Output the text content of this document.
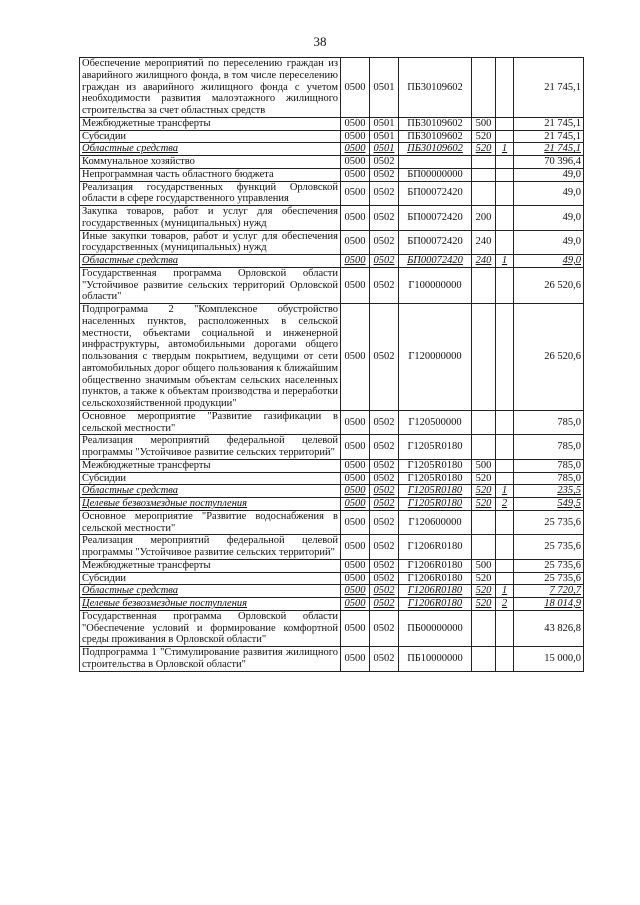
38
Обеспечение мероприятий по переселению граждан из аварийного жилищного фонда, в том числе переселению граждан из аварийного жилищного фонда с учетом необходимости развития малоэтажного жилищного строительства за счет областных средств	0500	0501	ПБ30109602			21 745,1
Межбюджетные трансферты	0500	0501	ПБ30109602	500		21 745,1
Субсидии	0500	0501	ПБ30109602	520		21 745,1
Областные средства	0500	0501	ПБ30109602	520	1	21 745,1
Коммунальное хозяйство	0500	0502				70 396,4
Непрограммная часть областного бюджета	0500	0502	БП00000000			49,0
Реализация государственных функций Орловской области в сфере государственного управления	0500	0502	БП00072420			49,0
Закупка товаров, работ и услуг для обеспечения государственных (муниципальных) нужд	0500	0502	БП00072420	200		49,0
Иные закупки товаров, работ и услуг для обеспечения государственных (муниципальных) нужд	0500	0502	БП00072420	240		49,0
Областные средства	0500	0502	БП00072420	240	1	49,0
Государственная программа Орловской области "Устойчивое развитие сельских территорий Орловской области"	0500	0502	Г100000000			26 520,6
Подпрограмма 2 "Комплексное обустройство населенных пунктов, расположенных в сельской местности, объектами социальной и инженерной инфраструктуры, автомобильными дорогами общего пользования с твердым покрытием, ведущими от сети автомобильных дорог общего пользования к ближайшим общественно значимым объектам сельских населенных пунктов, а также к объектам производства и переработки сельскохозяйственной продукции"	0500	0502	Г120000000			26 520,6
Основное мероприятие "Развитие газификации в сельской местности"	0500	0502	Г120500000			785,0
Реализация мероприятий федеральной целевой программы "Устойчивое развитие сельских территорий"	0500	0502	Г1205R0180			785,0
Межбюджетные трансферты	0500	0502	Г1205R0180	500		785,0
Субсидии	0500	0502	Г1205R0180	520		785,0
Областные средства	0500	0502	Г1205R0180	520	1	235,5
Целевые безвозмездные поступления	0500	0502	Г1205R0180	520	2	549,5
Основное мероприятие "Развитие водоснабжения в сельской местности"	0500	0502	Г120600000			25 735,6
Реализация мероприятий федеральной целевой программы "Устойчивое развитие сельских территорий"	0500	0502	Г1206R0180			25 735,6
Межбюджетные трансферты	0500	0502	Г1206R0180	500		25 735,6
Субсидии	0500	0502	Г1206R0180	520		25 735,6
Областные средства	0500	0502	Г1206R0180	520	1	7 720,7
Целевые безвозмездные поступления	0500	0502	Г1206R0180	520	2	18 014,9
Государственная программа Орловской области "Обеспечение условий и формирование комфортной среды проживания в Орловской области"	0500	0502	ПБ00000000			43 826,8
Подпрограмма 1 "Стимулирование развития жилищного строительства в Орловской области"	0500	0502	ПБ10000000			15 000,0
